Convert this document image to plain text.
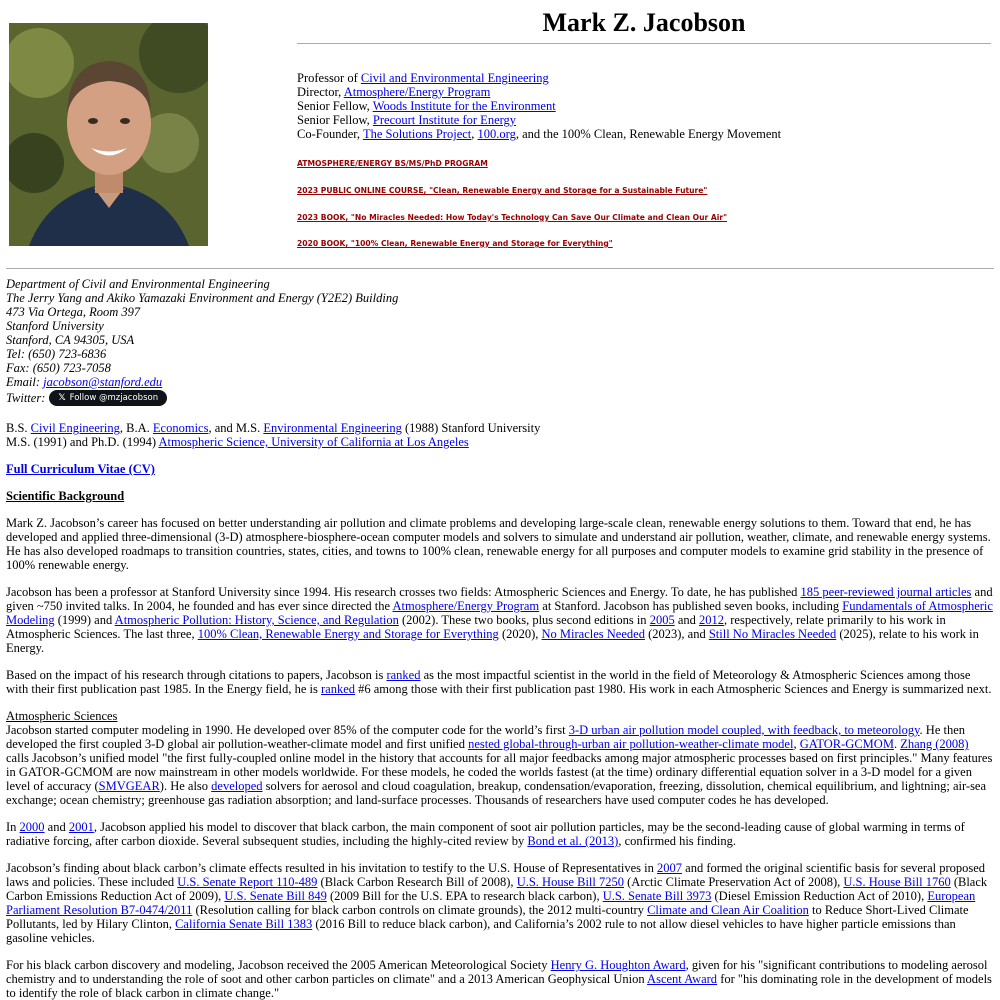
Mark Z. Jacobson
Professor of Civil and Environmental Engineering
Director, Atmosphere/Energy Program
Senior Fellow, Woods Institute for the Environment
Senior Fellow, Precourt Institute for Energy
Co-Founder, The Solutions Project, 100.org, and the 100% Clean, Renewable Energy Movement
ATMOSPHERE/ENERGY BS/MS/PhD PROGRAM
2023 PUBLIC ONLINE COURSE, "Clean, Renewable Energy and Storage for a Sustainable Future"
2023 BOOK, "No Miracles Needed: How Today's Technology Can Save Our Climate and Clean Our Air"
2020 BOOK, "100% Clean, Renewable Energy and Storage for Everything"
Department of Civil and Environmental Engineering
The Jerry Yang and Akiko Yamazaki Environment and Energy (Y2E2) Building
473 Via Ortega, Room 397
Stanford University
Stanford, CA 94305, USA
Tel: (650) 723-6836
Fax: (650) 723-7058
Email: jacobson@stanford.edu
Twitter: 𝕏 Follow @mzjacobson

B.S. Civil Engineering, B.A. Economics, and M.S. Environmental Engineering (1988) Stanford University

M.S. (1991) and Ph.D. (1994) Atmospheric Science, University of California at Los Angeles

Full Curriculum Vitae (CV)

Scientific Background

Mark Z. Jacobson’s career has focused on better understanding air pollution and climate problems and developing large-scale clean, renewable energy solutions to them. Toward that end, he has developed and applied three-dimensional (3-D) atmosphere-biosphere-ocean computer models and solvers to simulate and understand air pollution, weather, climate, and renewable energy systems. He has also developed roadmaps to transition countries, states, cities, and towns to 100% clean, renewable energy for all purposes and computer models to examine grid stability in the presence of 100% renewable energy.

Jacobson has been a professor at Stanford University since 1994. His research crosses two fields: Atmospheric Sciences and Energy. To date, he has published 185 peer-reviewed journal articles and given ~750 invited talks. In 2004, he founded and has ever since directed the Atmosphere/Energy Program at Stanford. Jacobson has published seven books, including Fundamentals of Atmospheric Modeling (1999) and Atmospheric Pollution: History, Science, and Regulation (2002). These two books, plus second editions in 2005 and 2012, respectively, relate primarily to his work in Atmospheric Sciences. The last three, 100% Clean, Renewable Energy and Storage for Everything (2020), No Miracles Needed (2023), and Still No Miracles Needed (2025), relate to his work in Energy.

Based on the impact of his research through citations to papers, Jacobson is ranked as the most impactful scientist in the world in the field of Meteorology & Atmospheric Sciences among those with their first publication past 1985. In the Energy field, he is ranked #6 among those with their first publication past 1980. His work in each Atmospheric Sciences and Energy is summarized next.

Atmospheric Sciences

Jacobson started computer modeling in 1990. He developed over 85% of the computer code for the world’s first 3-D urban air pollution model coupled, with feedback, to meteorology. He then developed the first coupled 3-D global air pollution-weather-climate model and first unified nested global-through-urban air pollution-weather-climate model, GATOR-GCMOM. Zhang (2008) calls Jacobson’s unified model "the first fully-coupled online model in the history that accounts for all major feedbacks among major atmospheric processes based on first principles." Many features in GATOR-GCMOM are now mainstream in other models worldwide. For these models, he coded the worlds fastest (at the time) ordinary differential equation solver in a 3-D model for a given level of accuracy (SMVGEAR). He also developed solvers for aerosol and cloud coagulation, breakup, condensation/evaporation, freezing, dissolution, chemical equilibrium, and lightning; air-sea exchange; ocean chemistry; greenhouse gas radiation absorption; and land-surface processes. Thousands of researchers have used computer codes he has developed.

In 2000 and 2001, Jacobson applied his model to discover that black carbon, the main component of soot air pollution particles, may be the second-leading cause of global warming in terms of radiative forcing, after carbon dioxide. Several subsequent studies, including the highly-cited review by Bond et al. (2013), confirmed his finding.

Jacobson’s finding about black carbon’s climate effects resulted in his invitation to testify to the U.S. House of Representatives in 2007 and formed the original scientific basis for several proposed laws and policies. These included U.S. Senate Report 110-489 (Black Carbon Research Bill of 2008), U.S. House Bill 7250 (Arctic Climate Preservation Act of 2008), U.S. House Bill 1760 (Black Carbon Emissions Reduction Act of 2009), U.S. Senate Bill 849 (2009 Bill for the U.S. EPA to research black carbon), U.S. Senate Bill 3973 (Diesel Emission Reduction Act of 2010), European Parliament Resolution B7-0474/2011 (Resolution calling for black carbon controls on climate grounds), the 2012 multi-country Climate and Clean Air Coalition to Reduce Short-Lived Climate Pollutants, led by Hilary Clinton, California Senate Bill 1383 (2016 Bill to reduce black carbon), and California’s 2002 rule to not allow diesel vehicles to have higher particle emissions than gasoline vehicles.

For his black carbon discovery and modeling, Jacobson received the 2005 American Meteorological Society Henry G. Houghton Award, given for his "significant contributions to modeling aerosol chemistry and to understanding the role of soot and other carbon particles on climate" and a 2013 American Geophysical Union Ascent Award for "his dominating role in the development of models to identify the role of black carbon in climate change."
